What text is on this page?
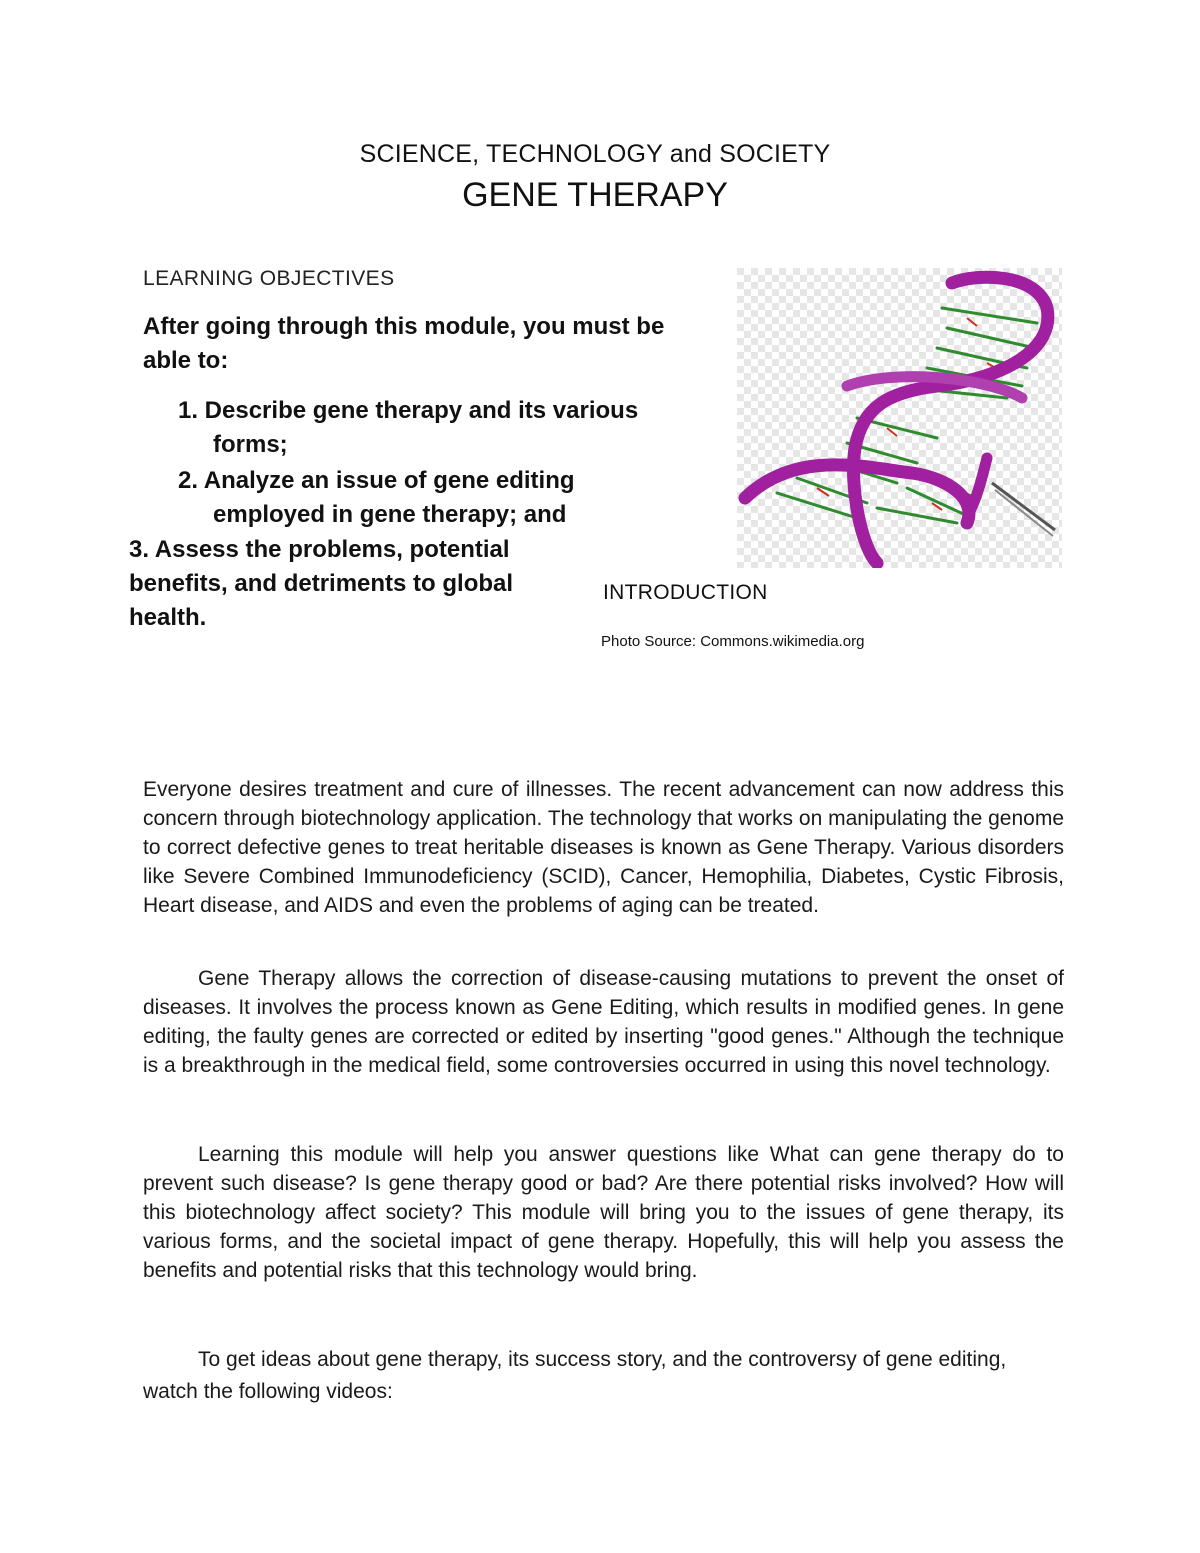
SCIENCE, TECHNOLOGY and SOCIETY
GENE THERAPY
LEARNING OBJECTIVES
After going through this module, you must be able to:
1. Describe gene therapy and its various
forms;
2. Analyze an issue of gene editing
employed in gene therapy; and
3. Assess the problems, potential benefits, and detriments to global health.
INTRODUCTION
Photo Source: Commons.wikimedia.org
Everyone desires treatment and cure of illnesses. The recent advancement can now address this concern through biotechnology application. The technology that works on manipulating the genome to correct defective genes to treat heritable diseases is known as Gene Therapy. Various disorders like Severe Combined Immunodeficiency (SCID), Cancer, Hemophilia, Diabetes, Cystic Fibrosis, Heart disease, and AIDS and even the problems of aging can be treated.
Gene Therapy allows the correction of disease-causing mutations to prevent the onset of diseases. It involves the process known as Gene Editing, which results in modified genes. In gene editing, the faulty genes are corrected or edited by inserting "good genes." Although the technique is a breakthrough in the medical field, some controversies occurred in using this novel technology.
Learning this module will help you answer questions like What can gene therapy do to prevent such disease? Is gene therapy good or bad? Are there potential risks involved? How will this biotechnology affect society? This module will bring you to the issues of gene therapy, its various forms, and the societal impact of gene therapy. Hopefully, this will help you assess the benefits and potential risks that this technology would bring.
To get ideas about gene therapy, its success story, and the controversy of gene editing, watch the following videos:
